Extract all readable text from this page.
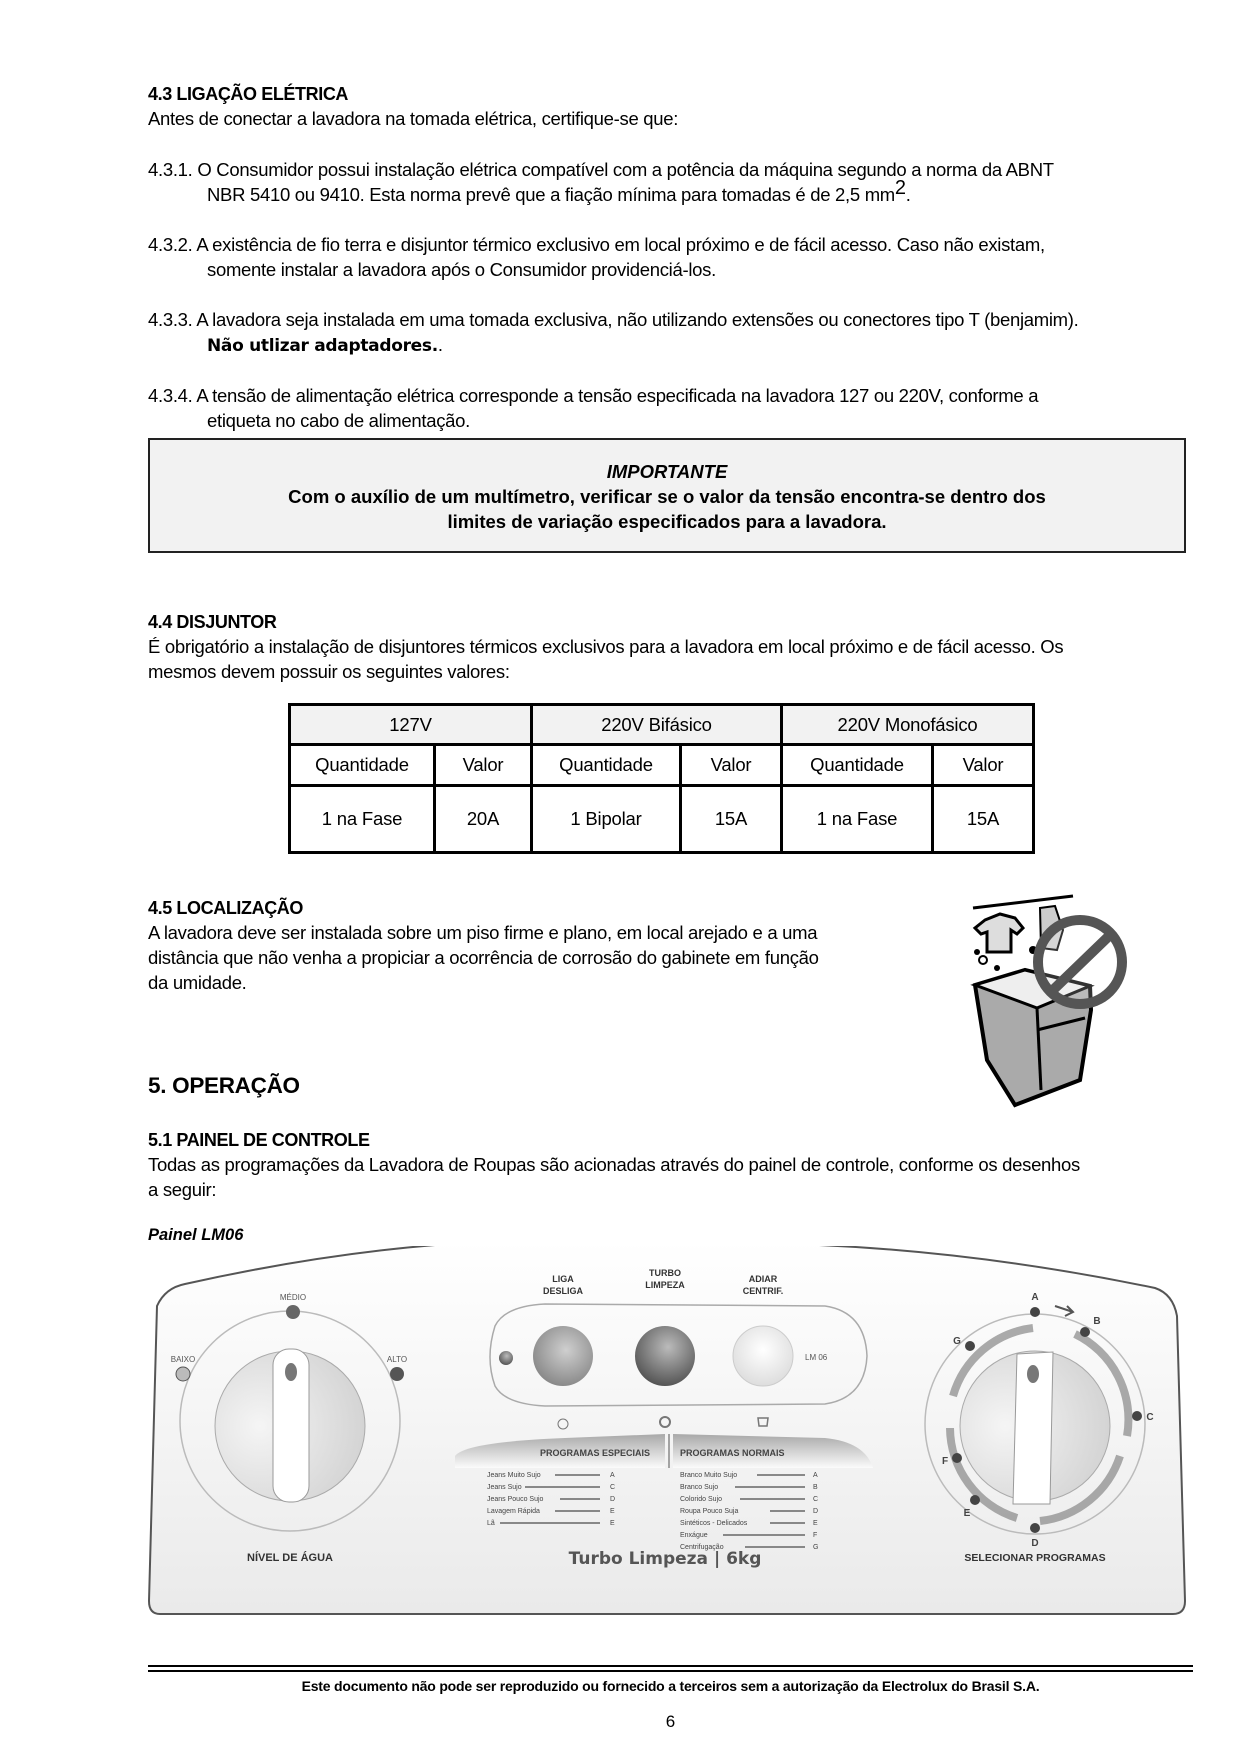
4.3 LIGAÇÃO ELÉTRICA
Antes de conectar a lavadora na tomada elétrica, certifique-se que:
4.3.1. O Consumidor possui instalação elétrica compatível com a potência da máquina segundo a norma da ABNT
NBR 5410 ou 9410. Esta norma prevê que a fiação mínima para tomadas é de 2,5 $mm^2$.
4.3.2. A existência de fio terra e disjuntor térmico exclusivo em local próximo e de fácil acesso. Caso não existam,
somente instalar a lavadora após o Consumidor providenciá-los.
4.3.3. A lavadora seja instalada em uma tomada exclusiva, não utilizando extensões ou conectores tipo T (benjamim).
Não utlizar adaptadores..
4.3.4. A tensão de alimentação elétrica corresponde a tensão especificada na lavadora 127 ou 220V, conforme a
etiqueta no cabo de alimentação.
IMPORTANTE
Com o auxílio de um multímetro, verificar se o valor da tensão encontra-se dentro dos
limites de variação especificados para a lavadora.
4.4 DISJUNTOR
É obrigatório a instalação de disjuntores térmicos exclusivos para a lavadora em local próximo e de fácil acesso. Os
mesmos devem possuir os seguintes valores:
127V		220V Bifásico		220V Monofásico	
Quantidade	Valor	Quantidade	Valor	Quantidade	Valor
1 na Fase	20A	1 Bipolar	15A	1 na Fase	15A
4.5 LOCALIZAÇÃO
A lavadora deve ser instalada sobre um piso firme e plano, em local arejado e a uma
distância que não venha a propiciar a ocorrência de corrosão do gabinete em função
da umidade.
5. OPERAÇÃO
5.1 PAINEL DE CONTROLE
Todas as programações da Lavadora de Roupas são acionadas através do painel de controle, conforme os desenhos
a seguir:
Painel LM06
MÉDIO
BAIXO	ALTO
NÍVEL DE ÁGUA
LM 06
LIGA
DESLIGA
TURBO
LIMPEZA
ADIAR
CENTRIF.
PROGRAMAS ESPECIAIS	PROGRAMAS NORMAIS
Jeans Muito Sujo
Jeans Sujo
Jeans Pouco Sujo
Lavagem Rápida
Lã
A
C
D
E
E
Branco Muito Sujo
Branco Sujo
Colorido Sujo
Roupa Pouco Suja
Sintéticos - Delicados
Enxágue
Centrifugação
A
B
C
D
E
F
G
Turbo Limpeza | 6kg
A
B
C
D
E
F
G
SELECIONAR PROGRAMAS
Este documento não pode ser reproduzido ou fornecido a terceiros sem a autorização da Electrolux do Brasil S.A.
6
